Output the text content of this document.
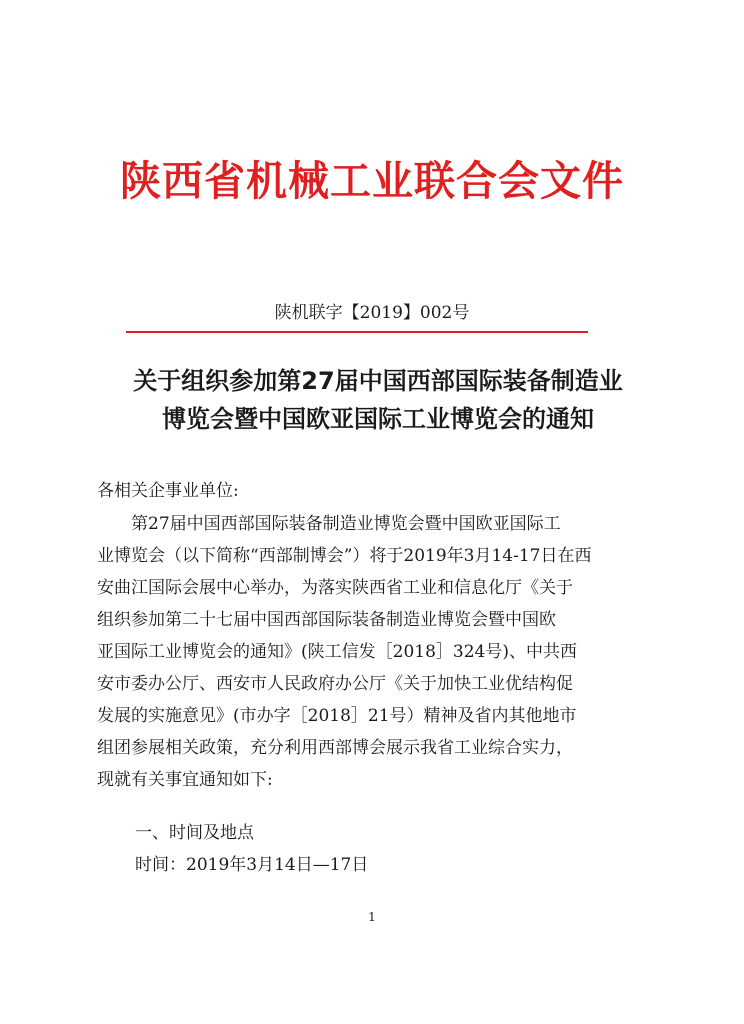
陕西省机械工业联合会文件

陕机联字【2019】002号

关于组织参加第27届中国西部国际装备制造业
博览会暨中国欧亚国际工业博览会的通知

各相关企事业单位:

　　第27届中国西部国际装备制造业博览会暨中国欧亚国际工
业博览会（以下简称“西部制博会”）将于2019年3月14-17日在西
安曲江国际会展中心举办，为落实陕西省工业和信息化厅《关于
组织参加第二十七届中国西部国际装备制造业博览会暨中国欧
亚国际工业博览会的通知》(陕工信发［2018］324号)、中共西
安市委办公厅、西安市人民政府办公厅《关于加快工业优结构促
发展的实施意见》(市办字［2018］21号）精神及省内其他地市
组团参展相关政策，充分利用西部博会展示我省工业综合实力，
现就有关事宜通知如下:

一、时间及地点

时间：2019年3月14日—17日

1
